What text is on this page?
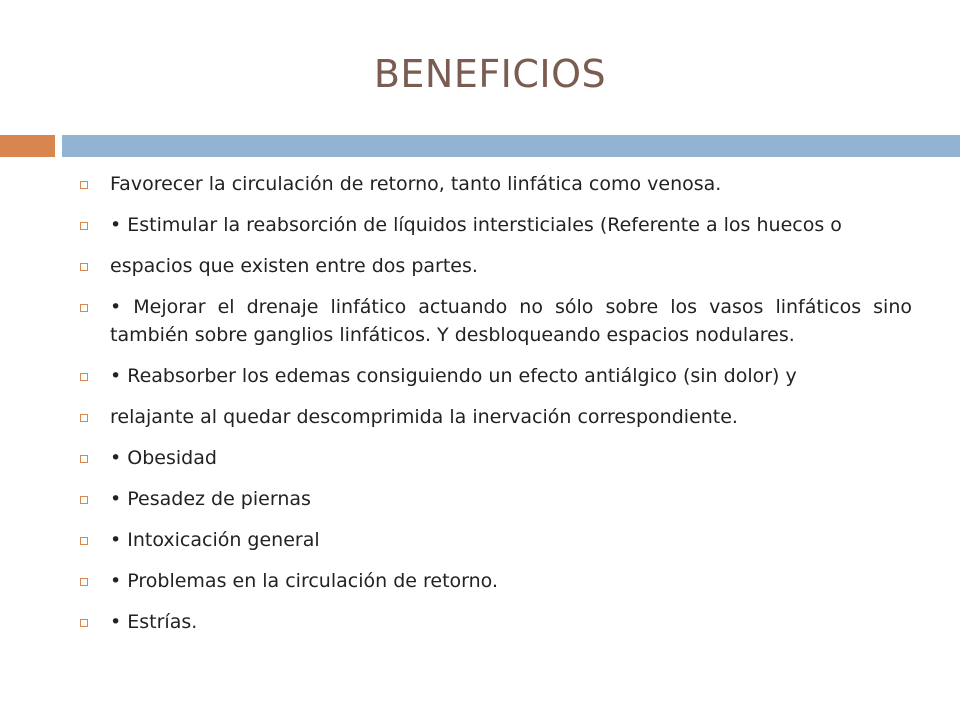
BENEFICIOS
Favorecer la circulación de retorno, tanto linfática como venosa.
• Estimular la reabsorción de líquidos intersticiales (Referente a los huecos o
espacios que existen entre dos partes.
• Mejorar el drenaje linfático actuando no sólo sobre los vasos linfáticos sino también sobre ganglios linfáticos. Y desbloqueando espacios nodulares.
• Reabsorber los edemas consiguiendo un efecto antiálgico (sin dolor) y
relajante al quedar descomprimida la inervación correspondiente.
• Obesidad
• Pesadez de piernas
• Intoxicación general
• Problemas en la circulación de retorno.
• Estrías.
